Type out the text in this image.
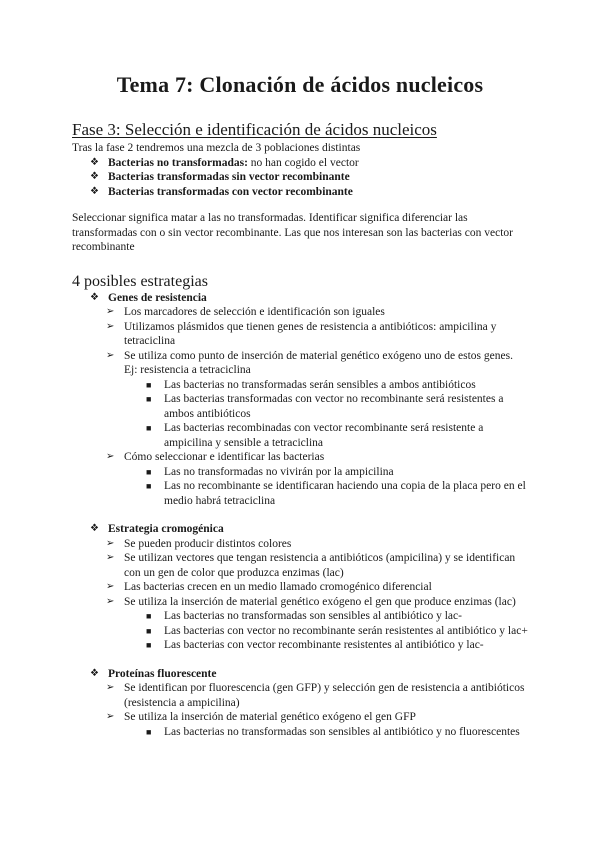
Tema 7: Clonación de ácidos nucleicos
Fase 3: Selección e identificación de ácidos nucleicos
Tras la fase 2 tendremos una mezcla de 3 poblaciones distintas
❖ Bacterias no transformadas: no han cogido el vector
❖ Bacterias transformadas sin vector recombinante
❖ Bacterias transformadas con vector recombinante
Seleccionar significa matar a las no transformadas. Identificar significa diferenciar las transformadas con o sin vector recombinante. Las que nos interesan son las bacterias con vector recombinante
4 posibles estrategias
❖ Genes de resistencia
➢ Los marcadores de selección e identificación son iguales
➢ Utilizamos plásmidos que tienen genes de resistencia a antibióticos: ampicilina y tetraciclina
➢ Se utiliza como punto de inserción de material genético exógeno uno de estos genes. Ej: resistencia a tetraciclina
■ Las bacterias no transformadas serán sensibles a ambos antibióticos
■ Las bacterias transformadas con vector no recombinante será resistentes a ambos antibióticos
■ Las bacterias recombinadas con vector recombinante será resistente a ampicilina y sensible a tetraciclina
➢ Cómo seleccionar e identificar las bacterias
■ Las no transformadas no vivirán por la ampicilina
■ Las no recombinante se identificaran haciendo una copia de la placa pero en el medio habrá tetraciclina
❖ Estrategia cromogénica
➢ Se pueden producir distintos colores
➢ Se utilizan vectores que tengan resistencia a antibióticos (ampicilina) y se identifican con un gen de color que produzca enzimas (lac)
➢ Las bacterias crecen en un medio llamado cromogénico diferencial
➢ Se utiliza la inserción de material genético exógeno el gen que produce enzimas (lac)
■ Las bacterias no transformadas son sensibles al antibiótico y lac-
■ Las bacterias con vector no recombinante serán resistentes al antibiótico y lac+
■ Las bacterias con vector recombinante resistentes al antibiótico y lac-
❖ Proteínas fluorescente
➢ Se identifican por fluorescencia (gen GFP) y selección gen de resistencia a antibióticos (resistencia a ampicilina)
➢ Se utiliza la inserción de material genético exógeno el gen GFP
■ Las bacterias no transformadas son sensibles al antibiótico y no fluorescentes
